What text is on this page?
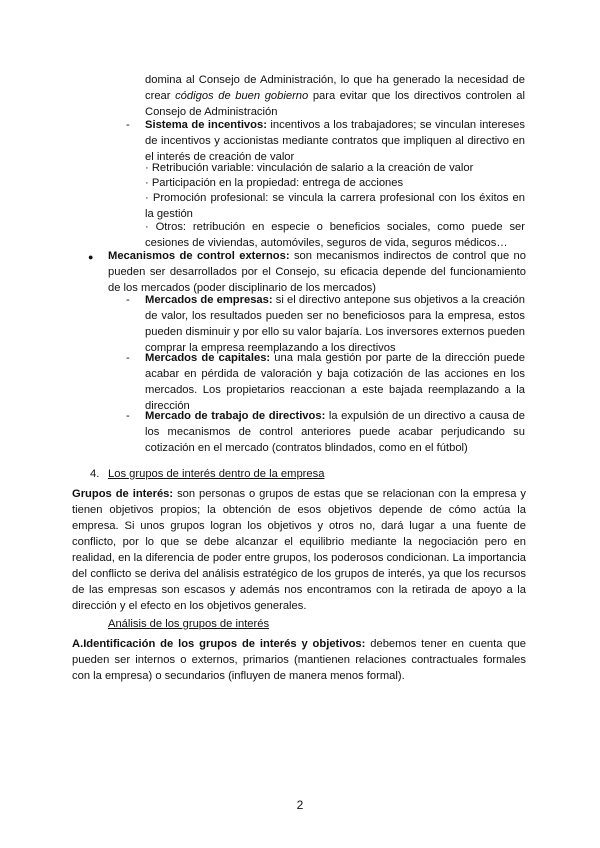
domina al Consejo de Administración, lo que ha generado la necesidad de crear códigos de buen gobierno para evitar que los directivos controlen al Consejo de Administración

- Sistema de incentivos: incentivos a los trabajadores; se vinculan intereses de incentivos y accionistas mediante contratos que impliquen al directivo en el interés de creación de valor

· Retribución variable: vinculación de salario a la creación de valor

· Participación en la propiedad: entrega de acciones

· Promoción profesional: se vincula la carrera profesional con los éxitos en la gestión

· Otros: retribución en especie o beneficios sociales, como puede ser cesiones de viviendas, automóviles, seguros de vida, seguros médicos…

● Mecanismos de control externos: son mecanismos indirectos de control que no pueden ser desarrollados por el Consejo, su eficacia depende del funcionamiento de los mercados (poder disciplinario de los mercados)

- Mercados de empresas: si el directivo antepone sus objetivos a la creación de valor, los resultados pueden ser no beneficiosos para la empresa, estos pueden disminuir y por ello su valor bajaría. Los inversores externos pueden comprar la empresa reemplazando a los directivos

- Mercados de capitales: una mala gestión por parte de la dirección puede acabar en pérdida de valoración y baja cotización de las acciones en los mercados. Los propietarios reaccionan a este bajada reemplazando a la dirección

- Mercado de trabajo de directivos: la expulsión de un directivo a causa de los mecanismos de control anteriores puede acabar perjudicando su cotización en el mercado (contratos blindados, como en el fútbol)

4. Los grupos de interés dentro de la empresa

Grupos de interés: son personas o grupos de estas que se relacionan con la empresa y tienen objetivos propios; la obtención de esos objetivos depende de cómo actúa la empresa. Si unos grupos logran los objetivos y otros no, dará lugar a una fuente de conflicto, por lo que se debe alcanzar el equilibrio mediante la negociación pero en realidad, en la diferencia de poder entre grupos, los poderosos condicionan. La importancia del conflicto se deriva del análisis estratégico de los grupos de interés, ya que los recursos de las empresas son escasos y además nos encontramos con la retirada de apoyo a la dirección y el efecto en los objetivos generales.

Análisis de los grupos de interés

A.Identificación de los grupos de interés y objetivos: debemos tener en cuenta que pueden ser internos o externos, primarios (mantienen relaciones contractuales formales con la empresa) o secundarios (influyen de manera menos formal).

2
